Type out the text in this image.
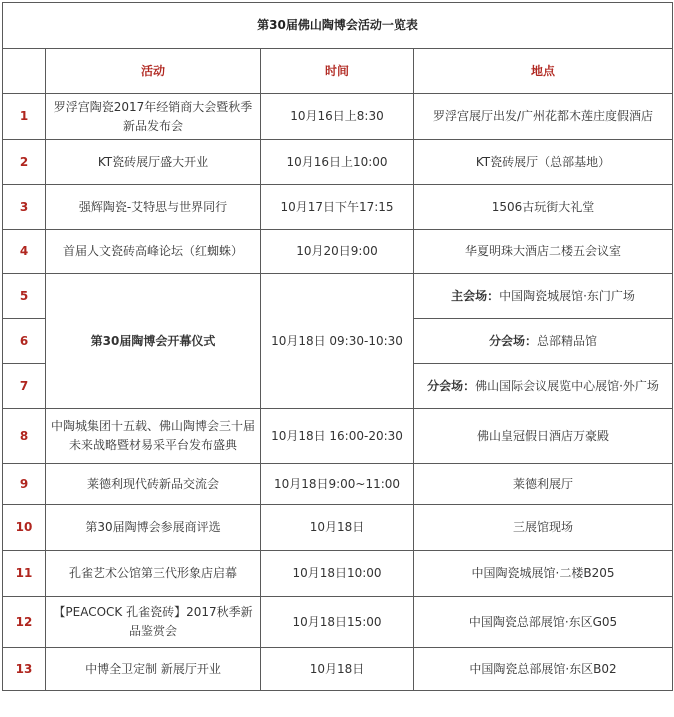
第30届佛山陶博会活动一览表			
	活动	时间	地点
1	罗浮宫陶瓷2017年经销商大会暨秋季新品发布会	10月16日上8:30	罗浮宫展厅出发/广州花都木莲庄度假酒店
2	KT瓷砖展厅盛大开业	10月16日上10:00	KT瓷砖展厅（总部基地）
3	强辉陶瓷-艾特思与世界同行	10月17日下午17:15	1506古玩街大礼堂
4	首届人文瓷砖高峰论坛（红蜘蛛）	10月20日9:00	华夏明珠大酒店二楼五会议室
5	第30届陶博会开幕仪式	10月18日 09:30-10:30	主会场：中国陶瓷城展馆·东门广场
6			分会场：总部精品馆
7			分会场：佛山国际会议展览中心展馆·外广场
8	中陶城集团十五载、佛山陶博会三十届未来战略暨材易采平台发布盛典	10月18日 16:00-20:30	佛山皇冠假日酒店万豪殿
9	莱德利现代砖新品交流会	10月18日9:00~11:00	莱德利展厅
10	第30届陶博会参展商评选	10月18日	三展馆现场
11	孔雀艺术公馆第三代形象店启幕	10月18日10:00	中国陶瓷城展馆·二楼B205
12	【PEACOCK 孔雀瓷砖】2017秋季新品鉴赏会	10月18日15:00	中国陶瓷总部展馆·东区G05
13	中博全卫定制 新展厅开业	10月18日	中国陶瓷总部展馆·东区B02
